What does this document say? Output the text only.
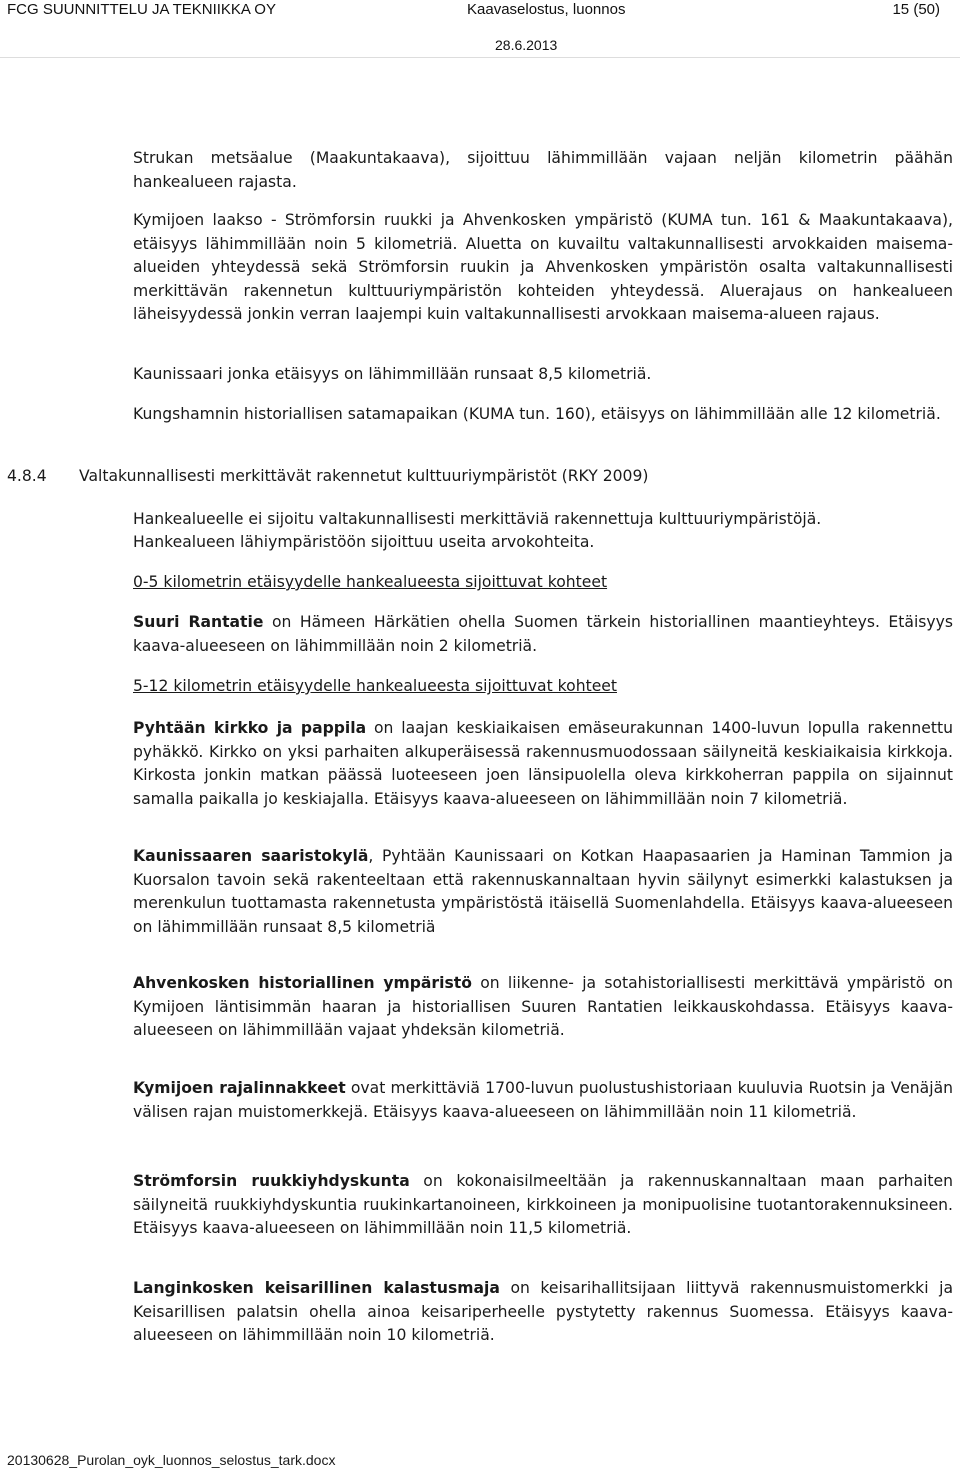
FCG SUUNNITTELU JA TEKNIIKKA OY	Kaavaselostus, luonnos	15 (50)
28.6.2013

Strukan metsäalue (Maakuntakaava), sijoittuu lähimmillään vajaan neljän kilometrin päähän hankealueen rajasta.

Kymijoen laakso - Strömforsin ruukki ja Ahvenkosken ympäristö (KUMA tun. 161 & Maakuntakaava), etäisyys lähimmillään noin 5 kilometriä. Aluetta on kuvailtu valtakunnallisesti arvokkaiden maisema-alueiden yhteydessä sekä Strömforsin ruukin ja Ahvenkosken ympäristön osalta valtakunnallisesti merkittävän rakennetun kulttuuriympäristön kohteiden yhteydessä. Aluerajaus on hankealueen läheisyydessä jonkin verran laajempi kuin valtakunnallisesti arvokkaan maisema-alueen rajaus.

Kaunissaari jonka etäisyys on lähimmillään runsaat 8,5 kilometriä.

Kungshamnin historiallisen satamapaikan (KUMA tun. 160), etäisyys on lähimmillään alle 12 kilometriä.

Hankealueelle ei sijoitu valtakunnallisesti merkittäviä rakennettuja kulttuuriympäristöjä.

Hankealueen lähiympäristöön sijoittuu useita arvokohteita.

0-5 kilometrin etäisyydelle hankealueesta sijoittuvat kohteet

Suuri Rantatie on Hämeen Härkätien ohella Suomen tärkein historiallinen maantieyhteys. Etäisyys kaava-alueeseen on lähimmillään noin 2 kilometriä.

5-12 kilometrin etäisyydelle hankealueesta sijoittuvat kohteet

Pyhtään kirkko ja pappila on laajan keskiaikaisen emäseurakunnan 1400-luvun lopulla rakennettu pyhäkkö. Kirkko on yksi parhaiten alkuperäisessä rakennusmuodossaan säilyneitä keskiaikaisia kirkkoja. Kirkosta jonkin matkan päässä luoteeseen joen länsipuolella oleva kirkkoherran pappila on sijainnut samalla paikalla jo keskiajalla. Etäisyys kaava-alueeseen on lähimmillään noin 7 kilometriä.

Kaunissaaren saaristokylä, Pyhtään Kaunissaari on Kotkan Haapasaarien ja Haminan Tammion ja Kuorsalon tavoin sekä rakenteeltaan että rakennuskannaltaan hyvin säilynyt esimerkki kalastuksen ja merenkulun tuottamasta rakennetusta ympäristöstä itäisellä Suomenlahdella. Etäisyys kaava-alueeseen on lähimmillään runsaat 8,5 kilometriä

Ahvenkosken historiallinen ympäristö on liikenne- ja sotahistoriallisesti merkittävä ympäristö on Kymijoen läntisimmän haaran ja historiallisen Suuren Rantatien leikkauskohdassa. Etäisyys kaava-alueeseen on lähimmillään vajaat yhdeksän kilometriä.

Kymijoen rajalinnakkeet ovat merkittäviä 1700-luvun puolustushistoriaan kuuluvia Ruotsin ja Venäjän välisen rajan muistomerkkejä. Etäisyys kaava-alueeseen on lähimmillään noin 11 kilometriä.

Strömforsin ruukkiyhdyskunta on kokonaisilmeeltään ja rakennuskannaltaan maan parhaiten säilyneitä ruukkiyhdyskuntia ruukinkartanoineen, kirkkoineen ja monipuolisine tuotantorakennuksineen. Etäisyys kaava-alueeseen on lähimmillään noin 11,5 kilometriä.

Langinkosken keisarillinen kalastusmaja on keisarihallitsijaan liittyvä rakennusmuistomerkki ja Keisarillisen palatsin ohella ainoa keisariperheelle pystytetty rakennus Suomessa. Etäisyys kaava-alueeseen on lähimmillään noin 10 kilometriä.

4.8.4 Valtakunnallisesti merkittävät rakennetut kulttuuriympäristöt (RKY 2009)
20130628_Purolan_oyk_luonnos_selostus_tark.docx
